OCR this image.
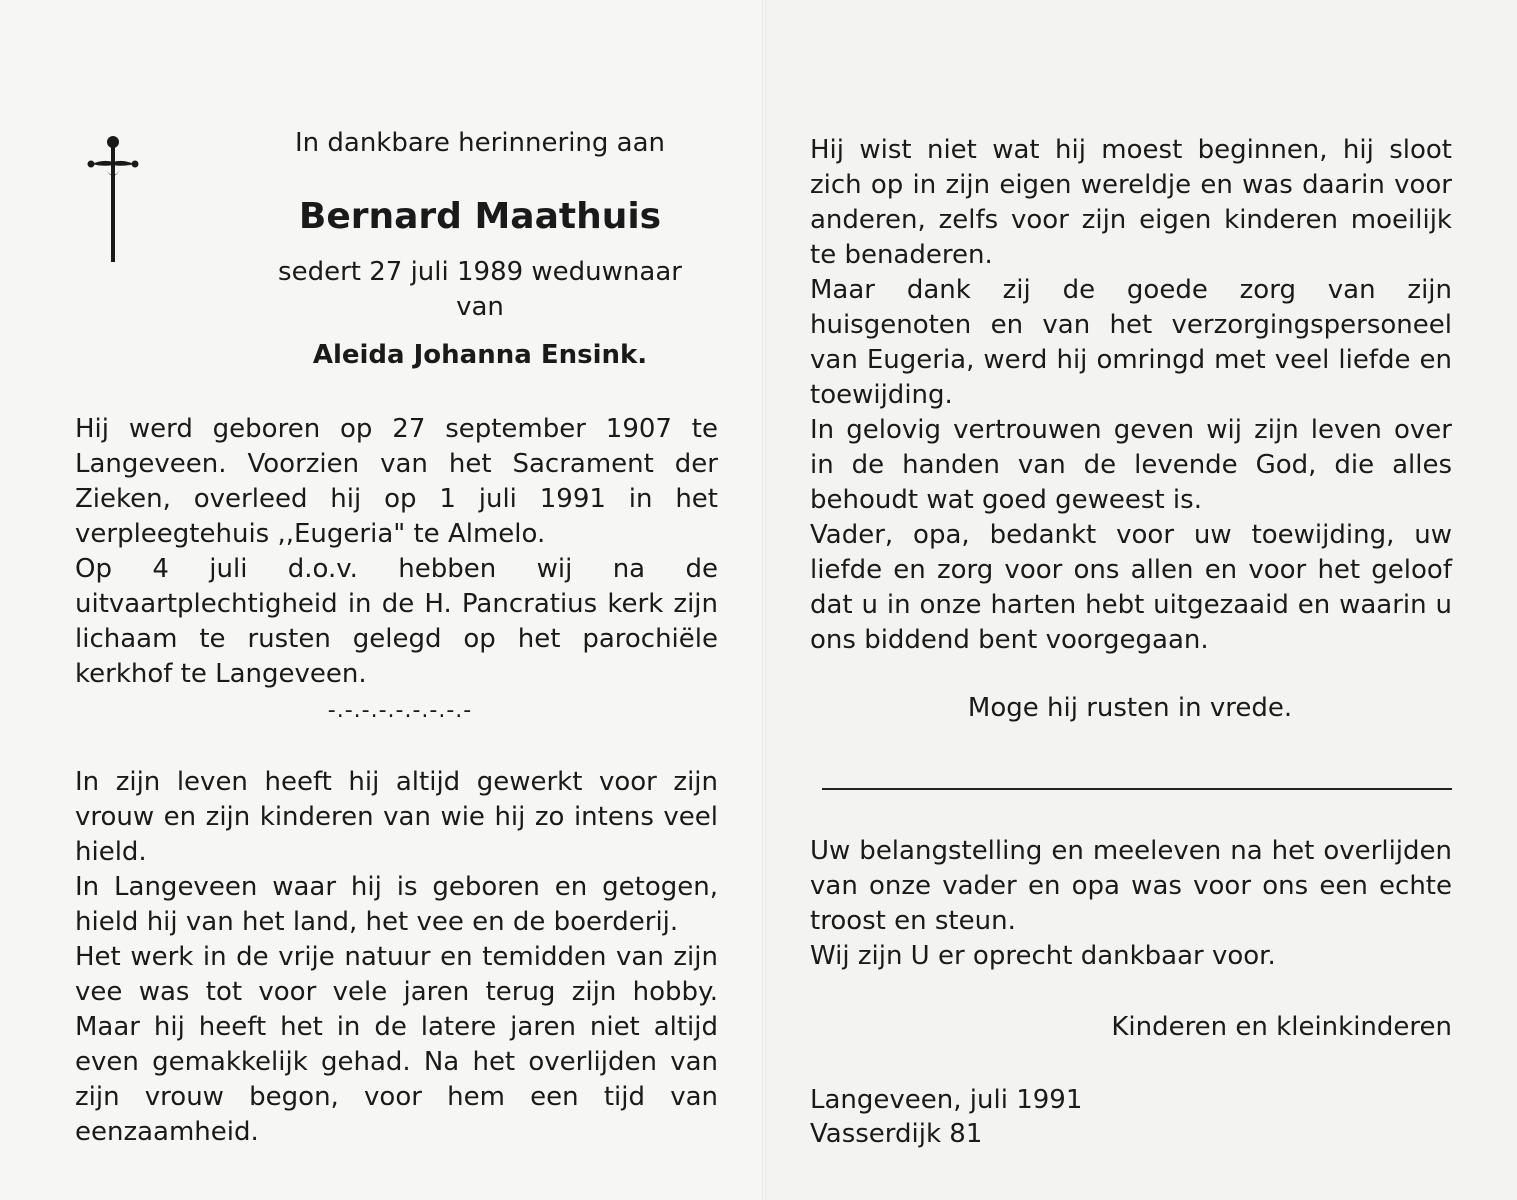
In dankbare herinnering aan
Bernard Maathuis
sedert 27 juli 1989 weduwnaar
van
Aleida Johanna Ensink.

Hij werd geboren op 27 september 1907 te Langeveen. Voorzien van het Sacrament der Zieken, overleed hij op 1 juli 1991 in het verpleegtehuis ,,Eugeria" te Almelo.

Op 4 juli d.o.v. hebben wij na de uitvaartplechtigheid in de H. Pancratius kerk zijn lichaam te rusten gelegd op het parochiële kerkhof te Langeveen.

-.-.-.-.-.-.-.-.-

In zijn leven heeft hij altijd gewerkt voor zijn vrouw en zijn kinderen van wie hij zo intens veel hield.

In Langeveen waar hij is geboren en getogen, hield hij van het land, het vee en de boerderij.

Het werk in de vrije natuur en temidden van zijn vee was tot voor vele jaren terug zijn hobby. Maar hij heeft het in de latere jaren niet altijd even gemakkelijk gehad. Na het overlijden van zijn vrouw begon, voor hem een tijd van eenzaamheid.

Hij wist niet wat hij moest beginnen, hij sloot zich op in zijn eigen wereldje en was daarin voor anderen, zelfs voor zijn eigen kinderen moeilijk te benaderen.

Maar dank zij de goede zorg van zijn huisgenoten en van het verzorgingspersoneel van Eugeria, werd hij omringd met veel liefde en toewijding.

In gelovig vertrouwen geven wij zijn leven over in de handen van de levende God, die alles behoudt wat goed geweest is.

Vader, opa, bedankt voor uw toewijding, uw liefde en zorg voor ons allen en voor het geloof dat u in onze harten hebt uitgezaaid en waarin u ons biddend bent voorgegaan.

Moge hij rusten in vrede.

Uw belangstelling en meeleven na het overlijden van onze vader en opa was voor ons een echte troost en steun.

Wij zijn U er oprecht dankbaar voor.

Kinderen en kleinkinderen
Langeveen, juli 1991
Vasserdijk 81
